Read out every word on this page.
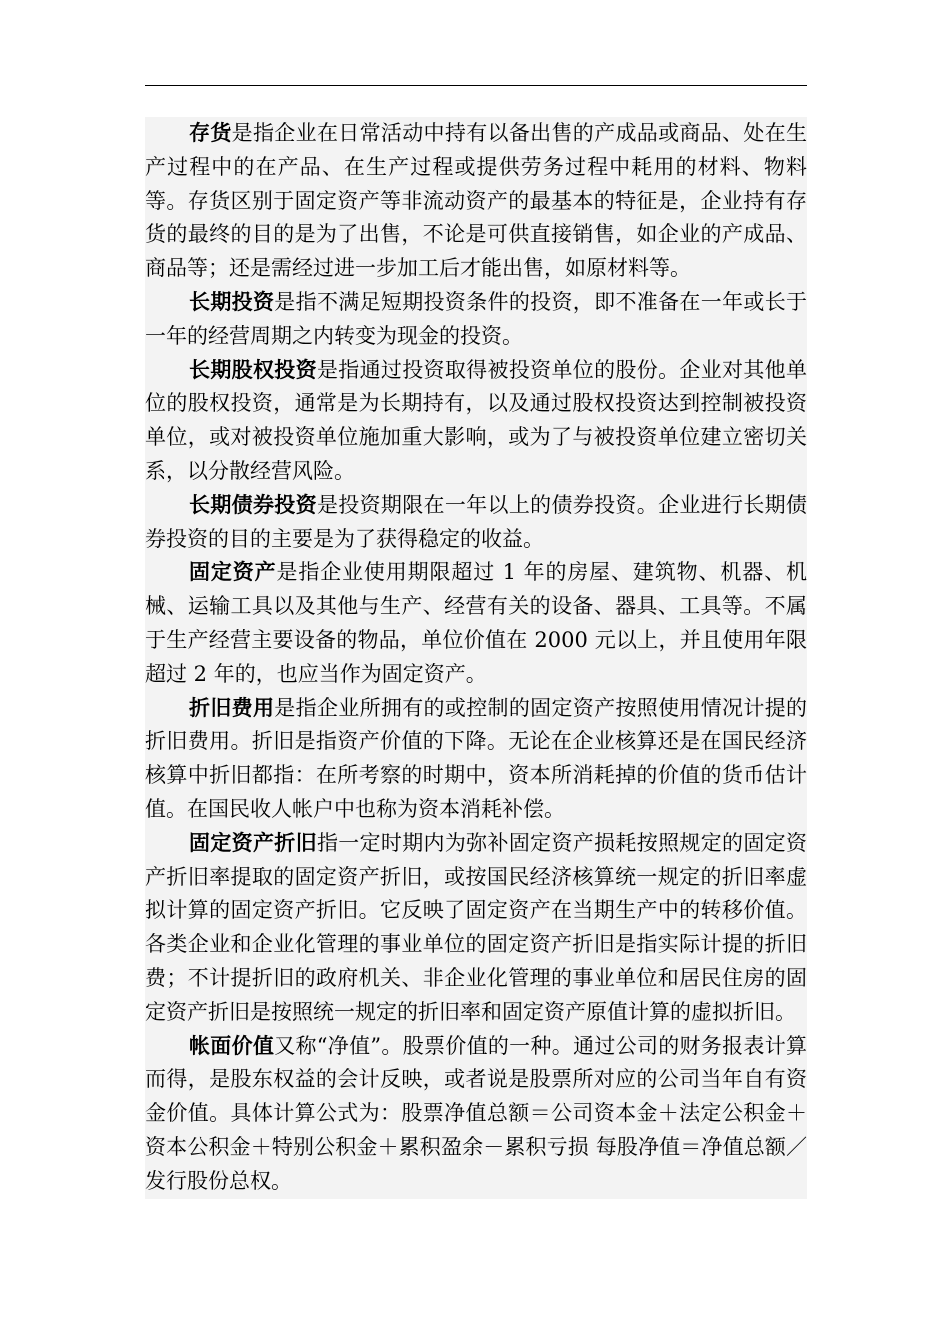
存货是指企业在日常活动中持有以备出售的产成品或商品、处在生产过程中的在产品、在生产过程或提供劳务过程中耗用的材料、物料等。存货区别于固定资产等非流动资产的最基本的特征是，企业持有存货的最终的目的是为了出售，不论是可供直接销售，如企业的产成品、商品等；还是需经过进一步加工后才能出售，如原材料等。

长期投资是指不满足短期投资条件的投资，即不准备在一年或长于一年的经营周期之内转变为现金的投资。

长期股权投资是指通过投资取得被投资单位的股份。企业对其他单位的股权投资，通常是为长期持有，以及通过股权投资达到控制被投资单位，或对被投资单位施加重大影响，或为了与被投资单位建立密切关系，以分散经营风险。

长期债券投资是投资期限在一年以上的债券投资。企业进行长期债券投资的目的主要是为了获得稳定的收益。

固定资产是指企业使用期限超过 1 年的房屋、建筑物、机器、机械、运输工具以及其他与生产、经营有关的设备、器具、工具等。不属于生产经营主要设备的物品，单位价值在 2000 元以上，并且使用年限超过 2 年的，也应当作为固定资产。

折旧费用是指企业所拥有的或控制的固定资产按照使用情况计提的折旧费用。折旧是指资产价值的下降。无论在企业核算还是在国民经济核算中折旧都指：在所考察的时期中，资本所消耗掉的价值的货币估计值。在国民收人帐户中也称为资本消耗补偿。

固定资产折旧指一定时期内为弥补固定资产损耗按照规定的固定资产折旧率提取的固定资产折旧，或按国民经济核算统一规定的折旧率虚拟计算的固定资产折旧。它反映了固定资产在当期生产中的转移价值。各类企业和企业化管理的事业单位的固定资产折旧是指实际计提的折旧费；不计提折旧的政府机关、非企业化管理的事业单位和居民住房的固定资产折旧是按照统一规定的折旧率和固定资产原值计算的虚拟折旧。

帐面价值又称“净值”。股票价值的一种。通过公司的财务报表计算而得，是股东权益的会计反映，或者说是股票所对应的公司当年自有资金价值。具体计算公式为：股票净值总额＝公司资本金＋法定公积金＋资本公积金＋特别公积金＋累积盈余－累积亏损 每股净值＝净值总额／发行股份总权。
